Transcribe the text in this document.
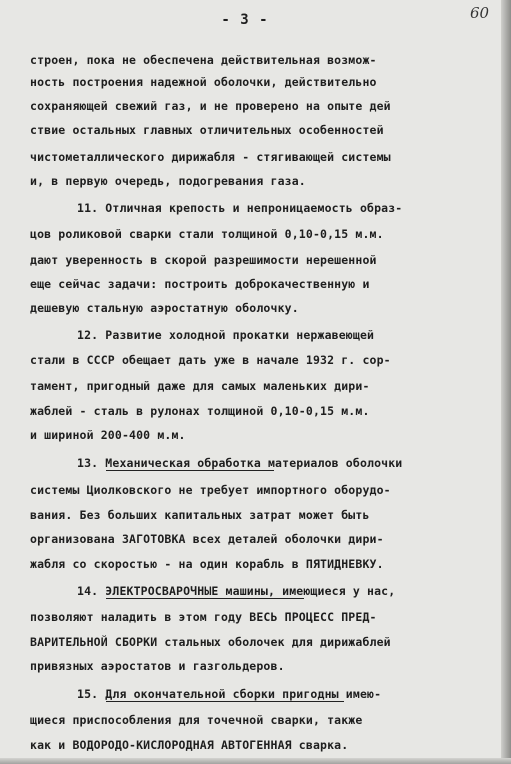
- 3 -	60
строен, пока не обеспечена действительная возмож-
ность построения надежной оболочки, действительно
сохраняющей свежий газ, и не проверено на опыте дей
ствие остальных главных отличительных особенностей
чистометаллического дирижабля - стягивающей системы
и, в первую очередь, подогревания газа.
11. Отличная крепость и непроницаемость образ-
цов роликовой сварки стали толщиной 0,10-0,15 м.м.
дают уверенность в скорой разрешимости нерешенной
еще сейчас задачи: построить доброкачественную и
дешевую стальную аэростатную оболочку.
12. Развитие холодной прокатки нержавеющей
стали в СССР обещает дать уже в начале 1932 г. сор-
тамент, пригодный даже для самых маленьких дири-
жаблей - сталь в рулонах толщиной 0,10-0,15 м.м.
и шириной 200-400 м.м.
13. Механическая обработка материалов оболочки
системы Циолковского не требует импортного оборудо-
вания. Без больших капитальных затрат может быть
организована ЗАГОТОВКА всех деталей оболочки дири-
жабля со скоростью - на один корабль в ПЯТИДНЕВКУ.
14. ЭЛЕКТРОСВАРОЧНЫЕ машины, имеющиеся у нас,
позволяют наладить в этом году ВЕСЬ ПРОЦЕСС ПРЕД-
ВАРИТЕЛЬНОЙ СБОРКИ стальных оболочек для дирижаблей
привязных аэростатов и газгольдеров.
15. Для окончательной сборки пригодны имею-
щиеся приспособления для точечной сварки, также
как и ВОДОРОДО-КИСЛОРОДНАЯ АВТОГЕННАЯ сварка.
